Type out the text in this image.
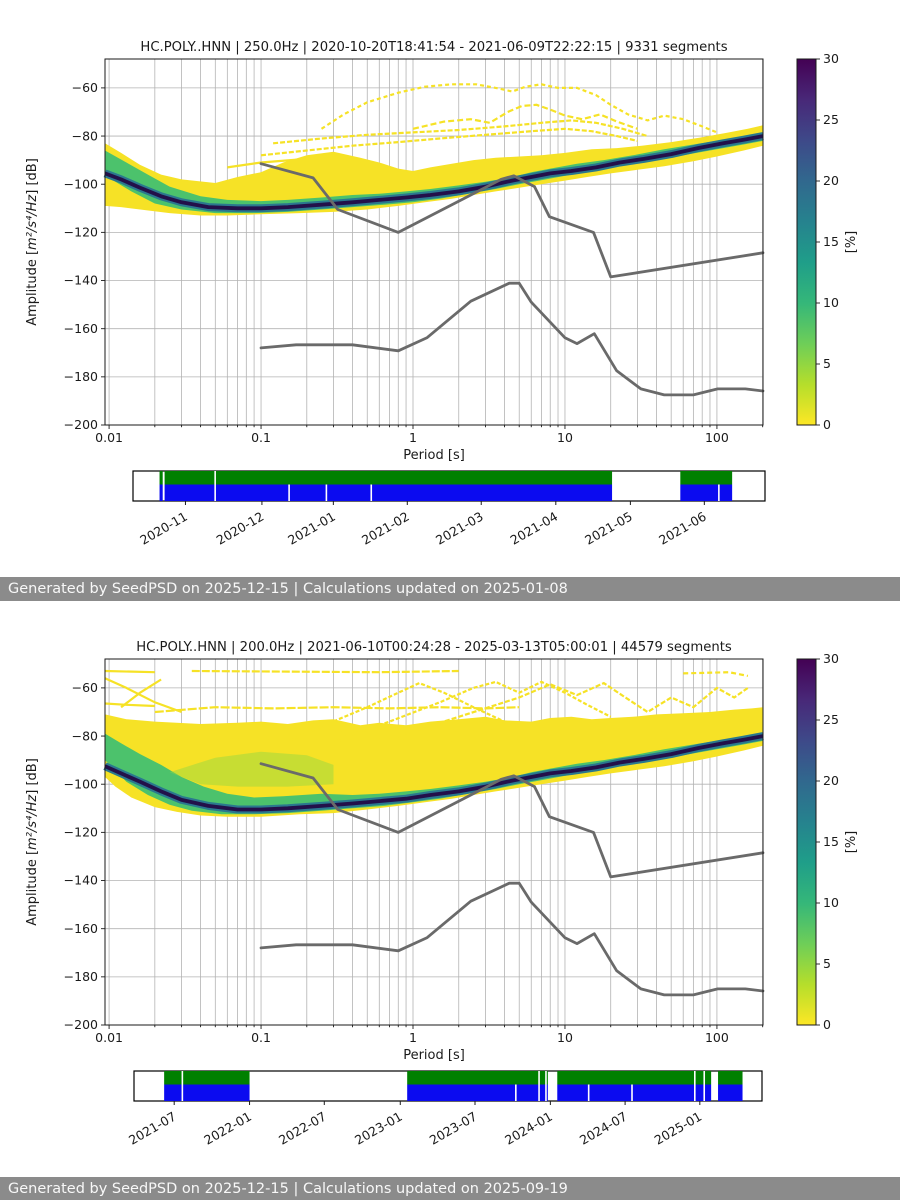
0.01	0.1	1	10	100
−60
−80
−100
−120
−140
−160
−180
−200
HC.POLY..HNN | 250.0Hz | 2020-10-20T18:41:54 - 2021-06-09T22:22:15 | 9331 segments
Period [s]
Amplitude [m²/s⁴/Hz] [dB]
0
5
10
15
20
25
30
[%]
2020-11 2020-12 2021-01 2021-02 2021-03 2021-04 2021-05 2021-06
0.01	0.1	1	10	100
−60
−80
−100
−120
−140
−160
−180
−200
HC.POLY..HNN | 200.0Hz | 2021-06-10T00:24:28 - 2025-03-13T05:00:01 | 44579 segments
Period [s]
Amplitude [m²/s⁴/Hz] [dB]
0
5
10
15
20
25
30
[%]
2021-07 2022-01 2022-07 2023-01 2023-07 2024-01 2024-07 2025-01
Generated by SeedPSD on 2025-12-15 | Calculations updated on 2025-01-08
Generated by SeedPSD on 2025-12-15 | Calculations updated on 2025-09-19
